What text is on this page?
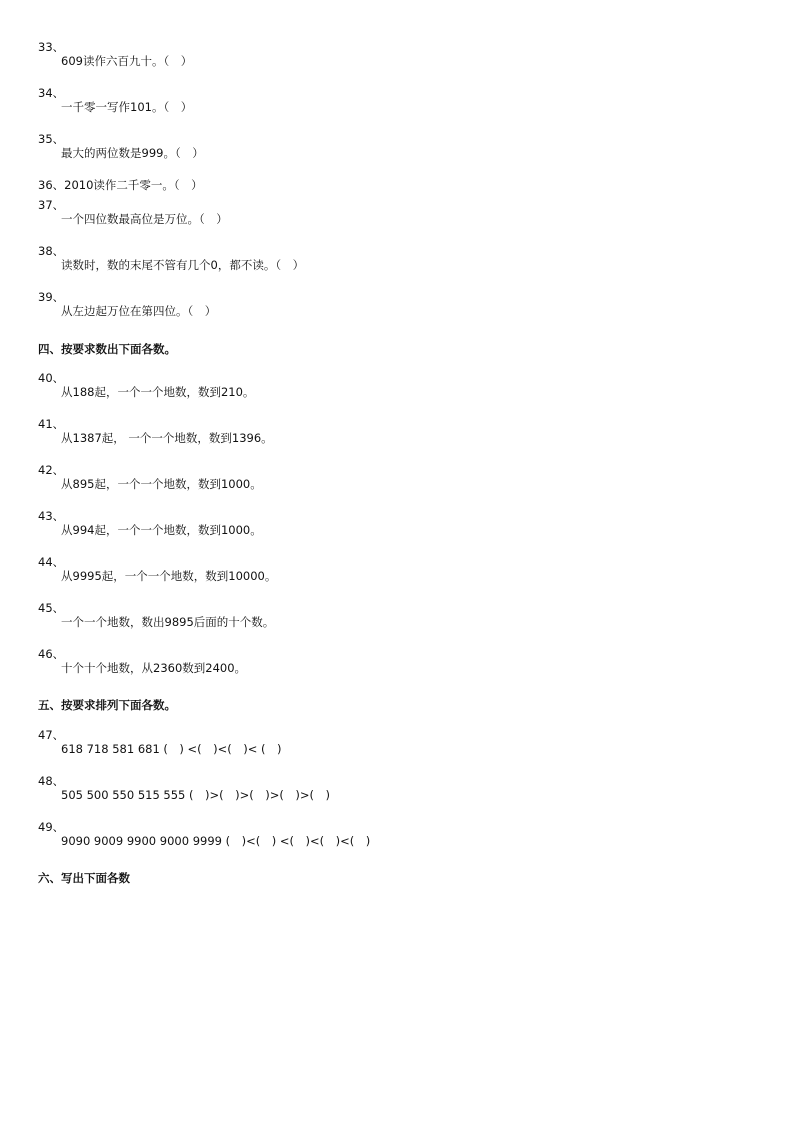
33、
609读作六百九十。（　）
34、
一千零一写作101。（　）
35、
最大的两位数是999。（　）
36、2010读作二千零一。（　）
37、
一个四位数最高位是万位。（　）
38、
读数时，数的末尾不管有几个0，都不读。（　）
39、
从左边起万位在第四位。（　）
四、按要求数出下面各数。
40、
从188起，一个一个地数，数到210。
41、
从1387起， 一个一个地数，数到1396。
42、
从895起，一个一个地数，数到1000。
43、
从994起，一个一个地数，数到1000。
44、
从9995起，一个一个地数，数到10000。
45、
一个一个地数，数出9895后面的十个数。
46、
十个十个地数，从2360数到2400。
五、按要求排列下面各数。
47、
618 718 581 681 (　) <(　)<(　)< (　)
48、
505 500 550 515 555 (　)>(　)>(　)>(　)>(　)
49、
9090 9009 9900 9000 9999 (　)<(　) <(　)<(　)<(　)
六、写出下面各数
